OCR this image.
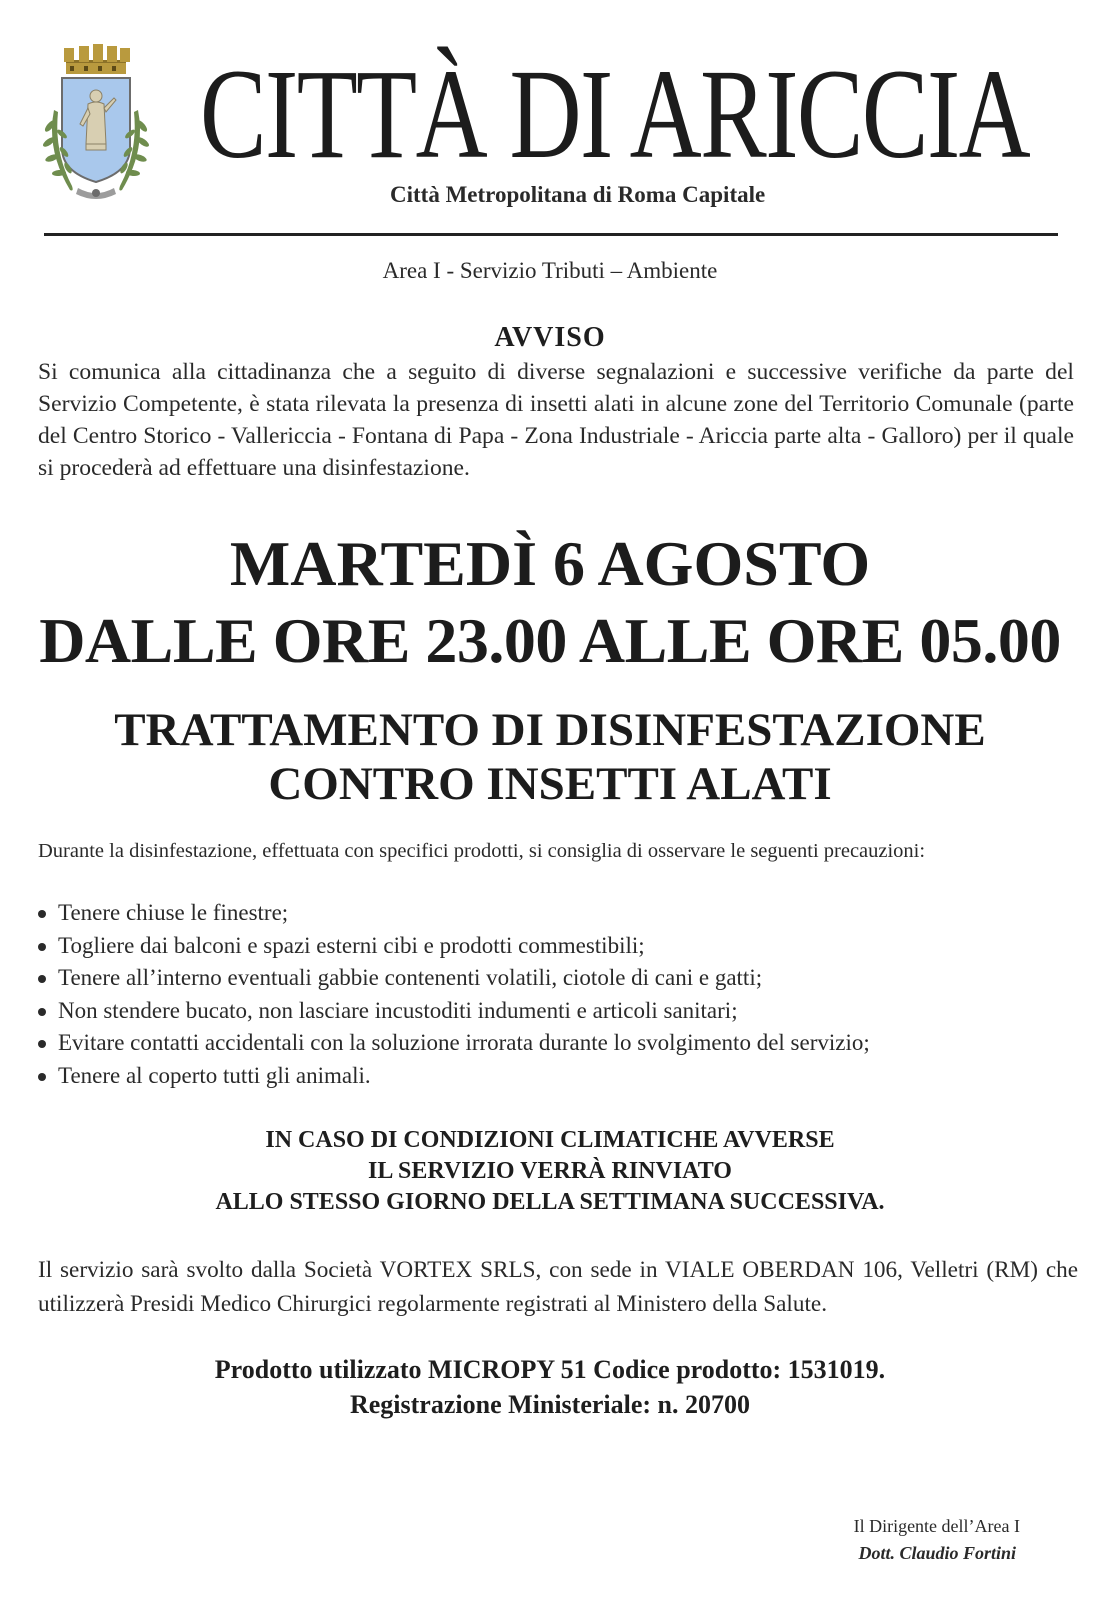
CITTÀ DI ARICCIA
Città Metropolitana di Roma Capitale
Area I - Servizio Tributi – Ambiente
AVVISO
Si comunica alla cittadinanza che a seguito di diverse segnalazioni e successive verifiche da parte del Servizio Competente, è stata rilevata la presenza di insetti alati in alcune zone del Territorio Comunale (parte del Centro Storico - Vallericcia - Fontana di Papa - Zona Industriale - Ariccia parte alta - Galloro) per il quale si procederà ad effettuare una disinfestazione.
MARTEDÌ 6 AGOSTO
DALLE ORE 23.00 ALLE ORE 05.00
TRATTAMENTO DI DISINFESTAZIONE
CONTRO INSETTI ALATI
Durante la disinfestazione, effettuata con specifici prodotti, si consiglia di osservare le seguenti precauzioni:
Tenere chiuse le finestre;
Togliere dai balconi e spazi esterni cibi e prodotti commestibili;
Tenere all’interno eventuali gabbie contenenti volatili, ciotole di cani e gatti;
Non stendere bucato, non lasciare incustoditi indumenti e articoli sanitari;
Evitare contatti accidentali con la soluzione irrorata durante lo svolgimento del servizio;
Tenere al coperto tutti gli animali.
IN CASO DI CONDIZIONI CLIMATICHE AVVERSE
IL SERVIZIO VERRÀ RINVIATO
ALLO STESSO GIORNO DELLA SETTIMANA SUCCESSIVA.
Il servizio sarà svolto dalla Società VORTEX SRLS, con sede in VIALE OBERDAN 106, Velletri (RM) che utilizzerà Presidi Medico Chirurgici regolarmente registrati al Ministero della Salute.
Prodotto utilizzato MICROPY 51 Codice prodotto: 1531019.
Registrazione Ministeriale: n. 20700
Il Dirigente dell’Area I
Dott. Claudio Fortini
